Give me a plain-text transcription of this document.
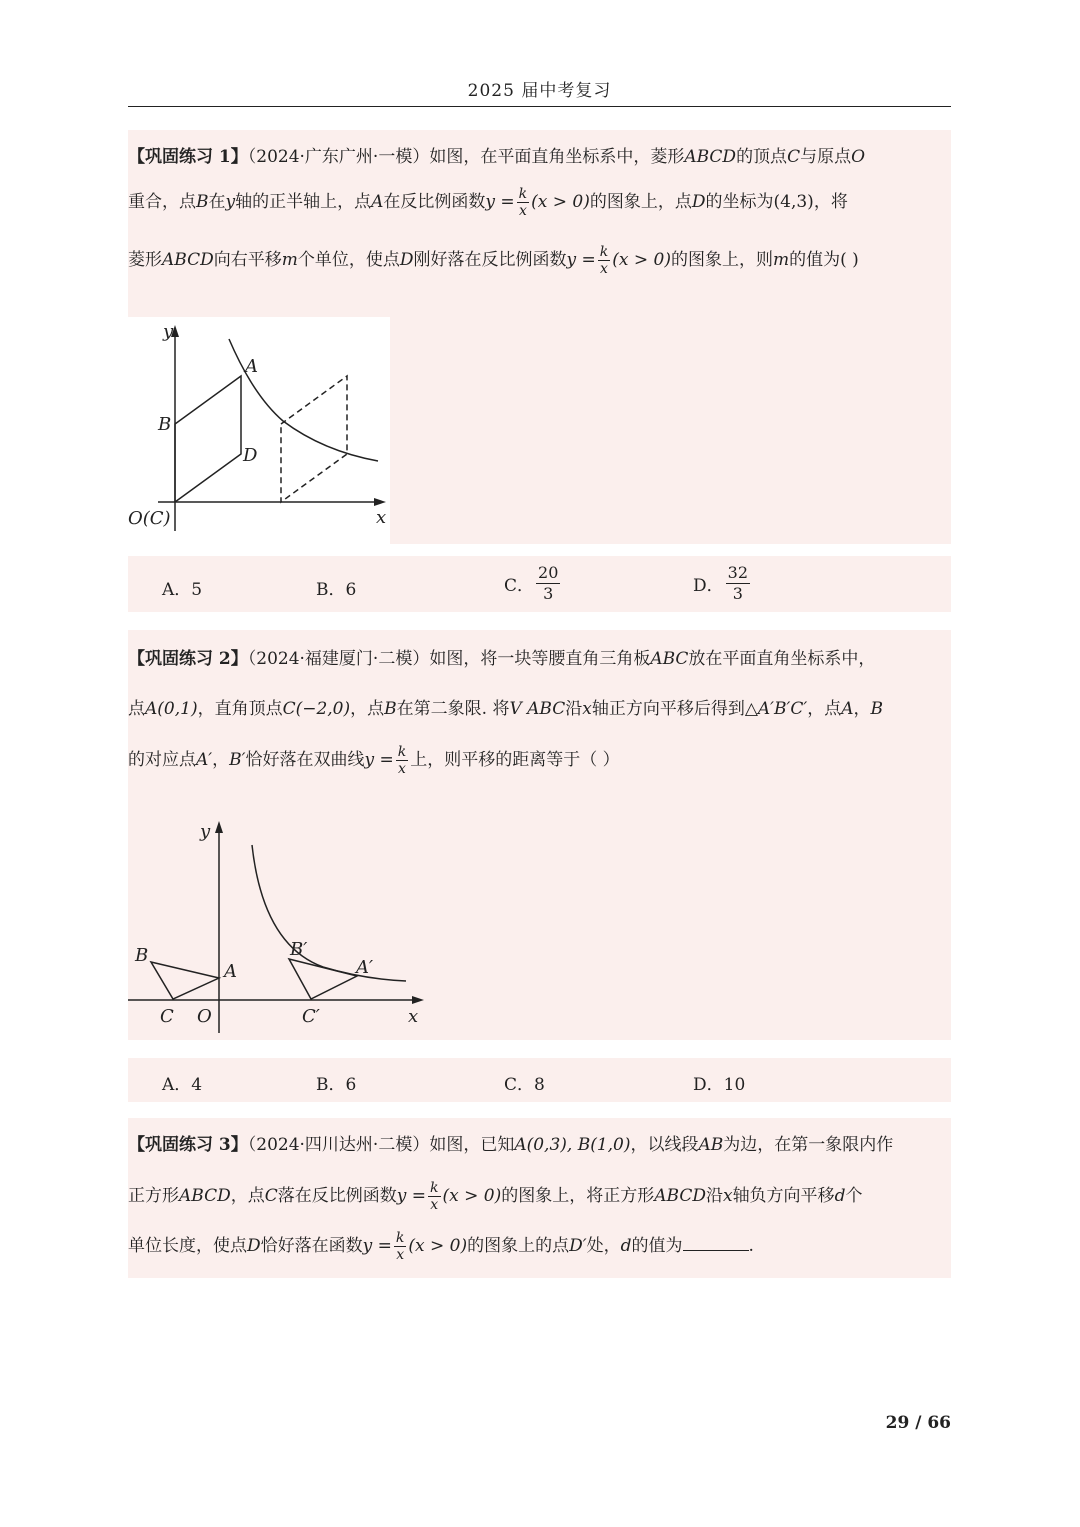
2025 届中考复习
【巩固练习 1】（2024·广东广州·一模）如图，在平面直角坐标系中，菱形ABCD的顶点C与原点O
重合，点B在y轴的正半轴上，点A在反比例函数$y = \frac{k}{x} (x > 0)$的图象上，点D的坐标为(4,3)，将
菱形ABCD向右平移m个单位，使点D刚好落在反比例函数$y = \frac{k}{x} (x > 0)$的图象上，则m的值为( )
y
A
B
D
O(C)	x
A．5	B．6	C． $\frac{20}{3}$	D． $\frac{32}{3}$
【巩固练习 2】（2024·福建厦门·二模）如图，将一块等腰直角三角板ABC放在平面直角坐标系中，
点A(0,1)，直角顶点C(−2,0)，点B在第二象限. 将V ABC沿x轴正方向平移后得到△A′B′C′，点A，B
的对应点A′，B′恰好落在双曲线$y = \frac{k}{x}$ 上，则平移的距离等于（ ）
B
A
C O
y
B′
A′
C′	x
A．4	B．6	C．8	D．10
【巩固练习 3】（2024·四川达州·二模）如图，已知A(0,3), B(1,0)，以线段AB为边，在第一象限内作
正方形ABCD，点C落在反比例函数$y = \frac{k}{x} (x > 0)$的图象上，将正方形ABCD沿x轴负方向平移d个
单位长度，使点D恰好落在函数$y = \frac{k}{x} (x > 0)$的图象上的点D′处，d的值为	.
29 / 66
